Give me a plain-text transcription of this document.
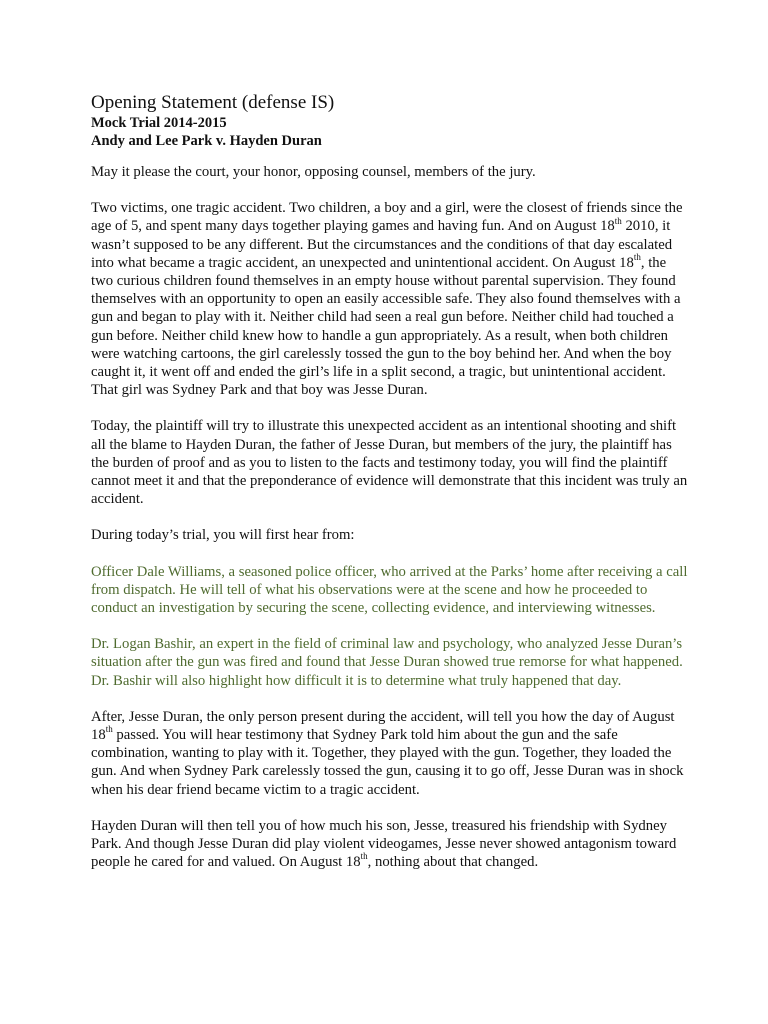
Opening Statement (defense IS)
Mock Trial 2014-2015
Andy and Lee Park v. Hayden Duran

May it please the court, your honor, opposing counsel, members of the jury.

Two victims, one tragic accident. Two children, a boy and a girl, were the closest of friends since the age of 5, and spent many days together playing games and having fun. And on August 18th 2010, it wasn’t supposed to be any different. But the circumstances and the conditions of that day escalated into what became a tragic accident, an unexpected and unintentional accident. On August 18th, the two curious children found themselves in an empty house without parental supervision. They found themselves with an opportunity to open an easily accessible safe. They also found themselves with a gun and began to play with it. Neither child had seen a real gun before. Neither child had touched a gun before. Neither child knew how to handle a gun appropriately. As a result, when both children were watching cartoons, the girl carelessly tossed the gun to the boy behind her. And when the boy caught it, it went off and ended the girl’s life in a split second, a tragic, but unintentional accident. That girl was Sydney Park and that boy was Jesse Duran.

Today, the plaintiff will try to illustrate this unexpected accident as an intentional shooting and shift all the blame to Hayden Duran, the father of Jesse Duran, but members of the jury, the plaintiff has the burden of proof and as you to listen to the facts and testimony today, you will find the plaintiff cannot meet it and that the preponderance of evidence will demonstrate that this incident was truly an accident.

During today’s trial, you will first hear from:

Officer Dale Williams, a seasoned police officer, who arrived at the Parks’ home after receiving a call from dispatch. He will tell of what his observations were at the scene and how he proceeded to conduct an investigation by securing the scene, collecting evidence, and interviewing witnesses.

Dr. Logan Bashir, an expert in the field of criminal law and psychology, who analyzed Jesse Duran’s situation after the gun was fired and found that Jesse Duran showed true remorse for what happened. Dr. Bashir will also highlight how difficult it is to determine what truly happened that day.

After, Jesse Duran, the only person present during the accident, will tell you how the day of August 18th passed. You will hear testimony that Sydney Park told him about the gun and the safe combination, wanting to play with it. Together, they played with the gun. Together, they loaded the gun. And when Sydney Park carelessly tossed the gun, causing it to go off, Jesse Duran was in shock when his dear friend became victim to a tragic accident.

Hayden Duran will then tell you of how much his son, Jesse, treasured his friendship with Sydney Park. And though Jesse Duran did play violent videogames, Jesse never showed antagonism toward people he cared for and valued. On August 18th, nothing about that changed.
